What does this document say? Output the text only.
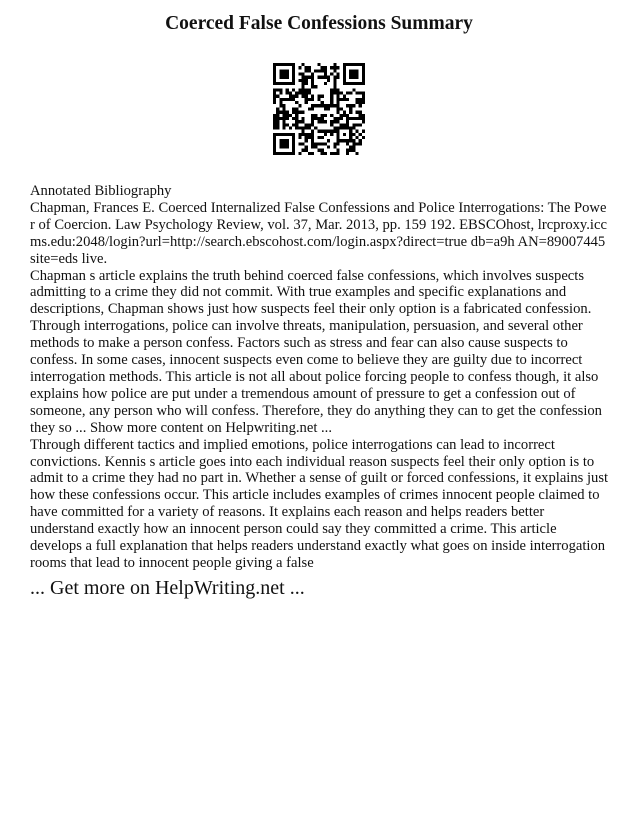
Coerced False Confessions Summary
Annotated Bibliography

Chapman, Frances E. Coerced Internalized False Confessions and Police Interrogations: The Power of Coercion. Law Psychology Review, vol. 37, Mar. 2013, pp. 159 192. EBSCOhost, lrcproxy.iccms.edu:2048/login?url=http://search.ebscohost.com/login.aspx?direct=true db=a9h AN=89007445 site=eds live.

Chapman s article explains the truth behind coerced false confessions, which involves suspects admitting to a crime they did not commit. With true examples and specific explanations and descriptions, Chapman shows just how suspects feel their only option is a fabricated confession. Through interrogations, police can involve threats, manipulation, persuasion, and several other methods to make a person confess. Factors such as stress and fear can also cause suspects to confess. In some cases, innocent suspects even come to believe they are guilty due to incorrect interrogation methods. This article is not all about police forcing people to confess though, it also explains how police are put under a tremendous amount of pressure to get a confession out of someone, any person who will confess. Therefore, they do anything they can to get the confession they so ... Show more content on Helpwriting.net ...

Through different tactics and implied emotions, police interrogations can lead to incorrect convictions. Kennis s article goes into each individual reason suspects feel their only option is to admit to a crime they had no part in. Whether a sense of guilt or forced confessions, it explains just how these confessions occur. This article includes examples of crimes innocent people claimed to have committed for a variety of reasons. It explains each reason and helps readers better understand exactly how an innocent person could say they committed a crime. This article develops a full explanation that helps readers understand exactly what goes on inside interrogation rooms that lead to innocent people giving a false

... Get more on HelpWriting.net ...
